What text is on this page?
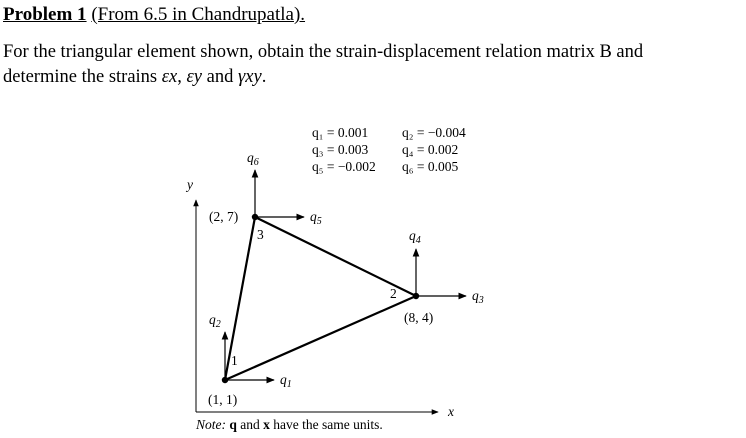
Problem 1 (From 6.5 in Chandrupatla).
For the triangular element shown, obtain the strain-displacement relation matrix B and
determine the strains εx, εy and γxy.
y
x
1
2
3
(1, 1)
(8, 4)
(2, 7)
$q_1$
$q_2$
$q_3$
$q_4$
$q_5$
$q_6$
q₁ = 0.001	q₂ = −0.004
q₃ = 0.003	q₄ = 0.002
q₅ = −0.002 q₆ = 0.005
Note: q and x have the same units.
